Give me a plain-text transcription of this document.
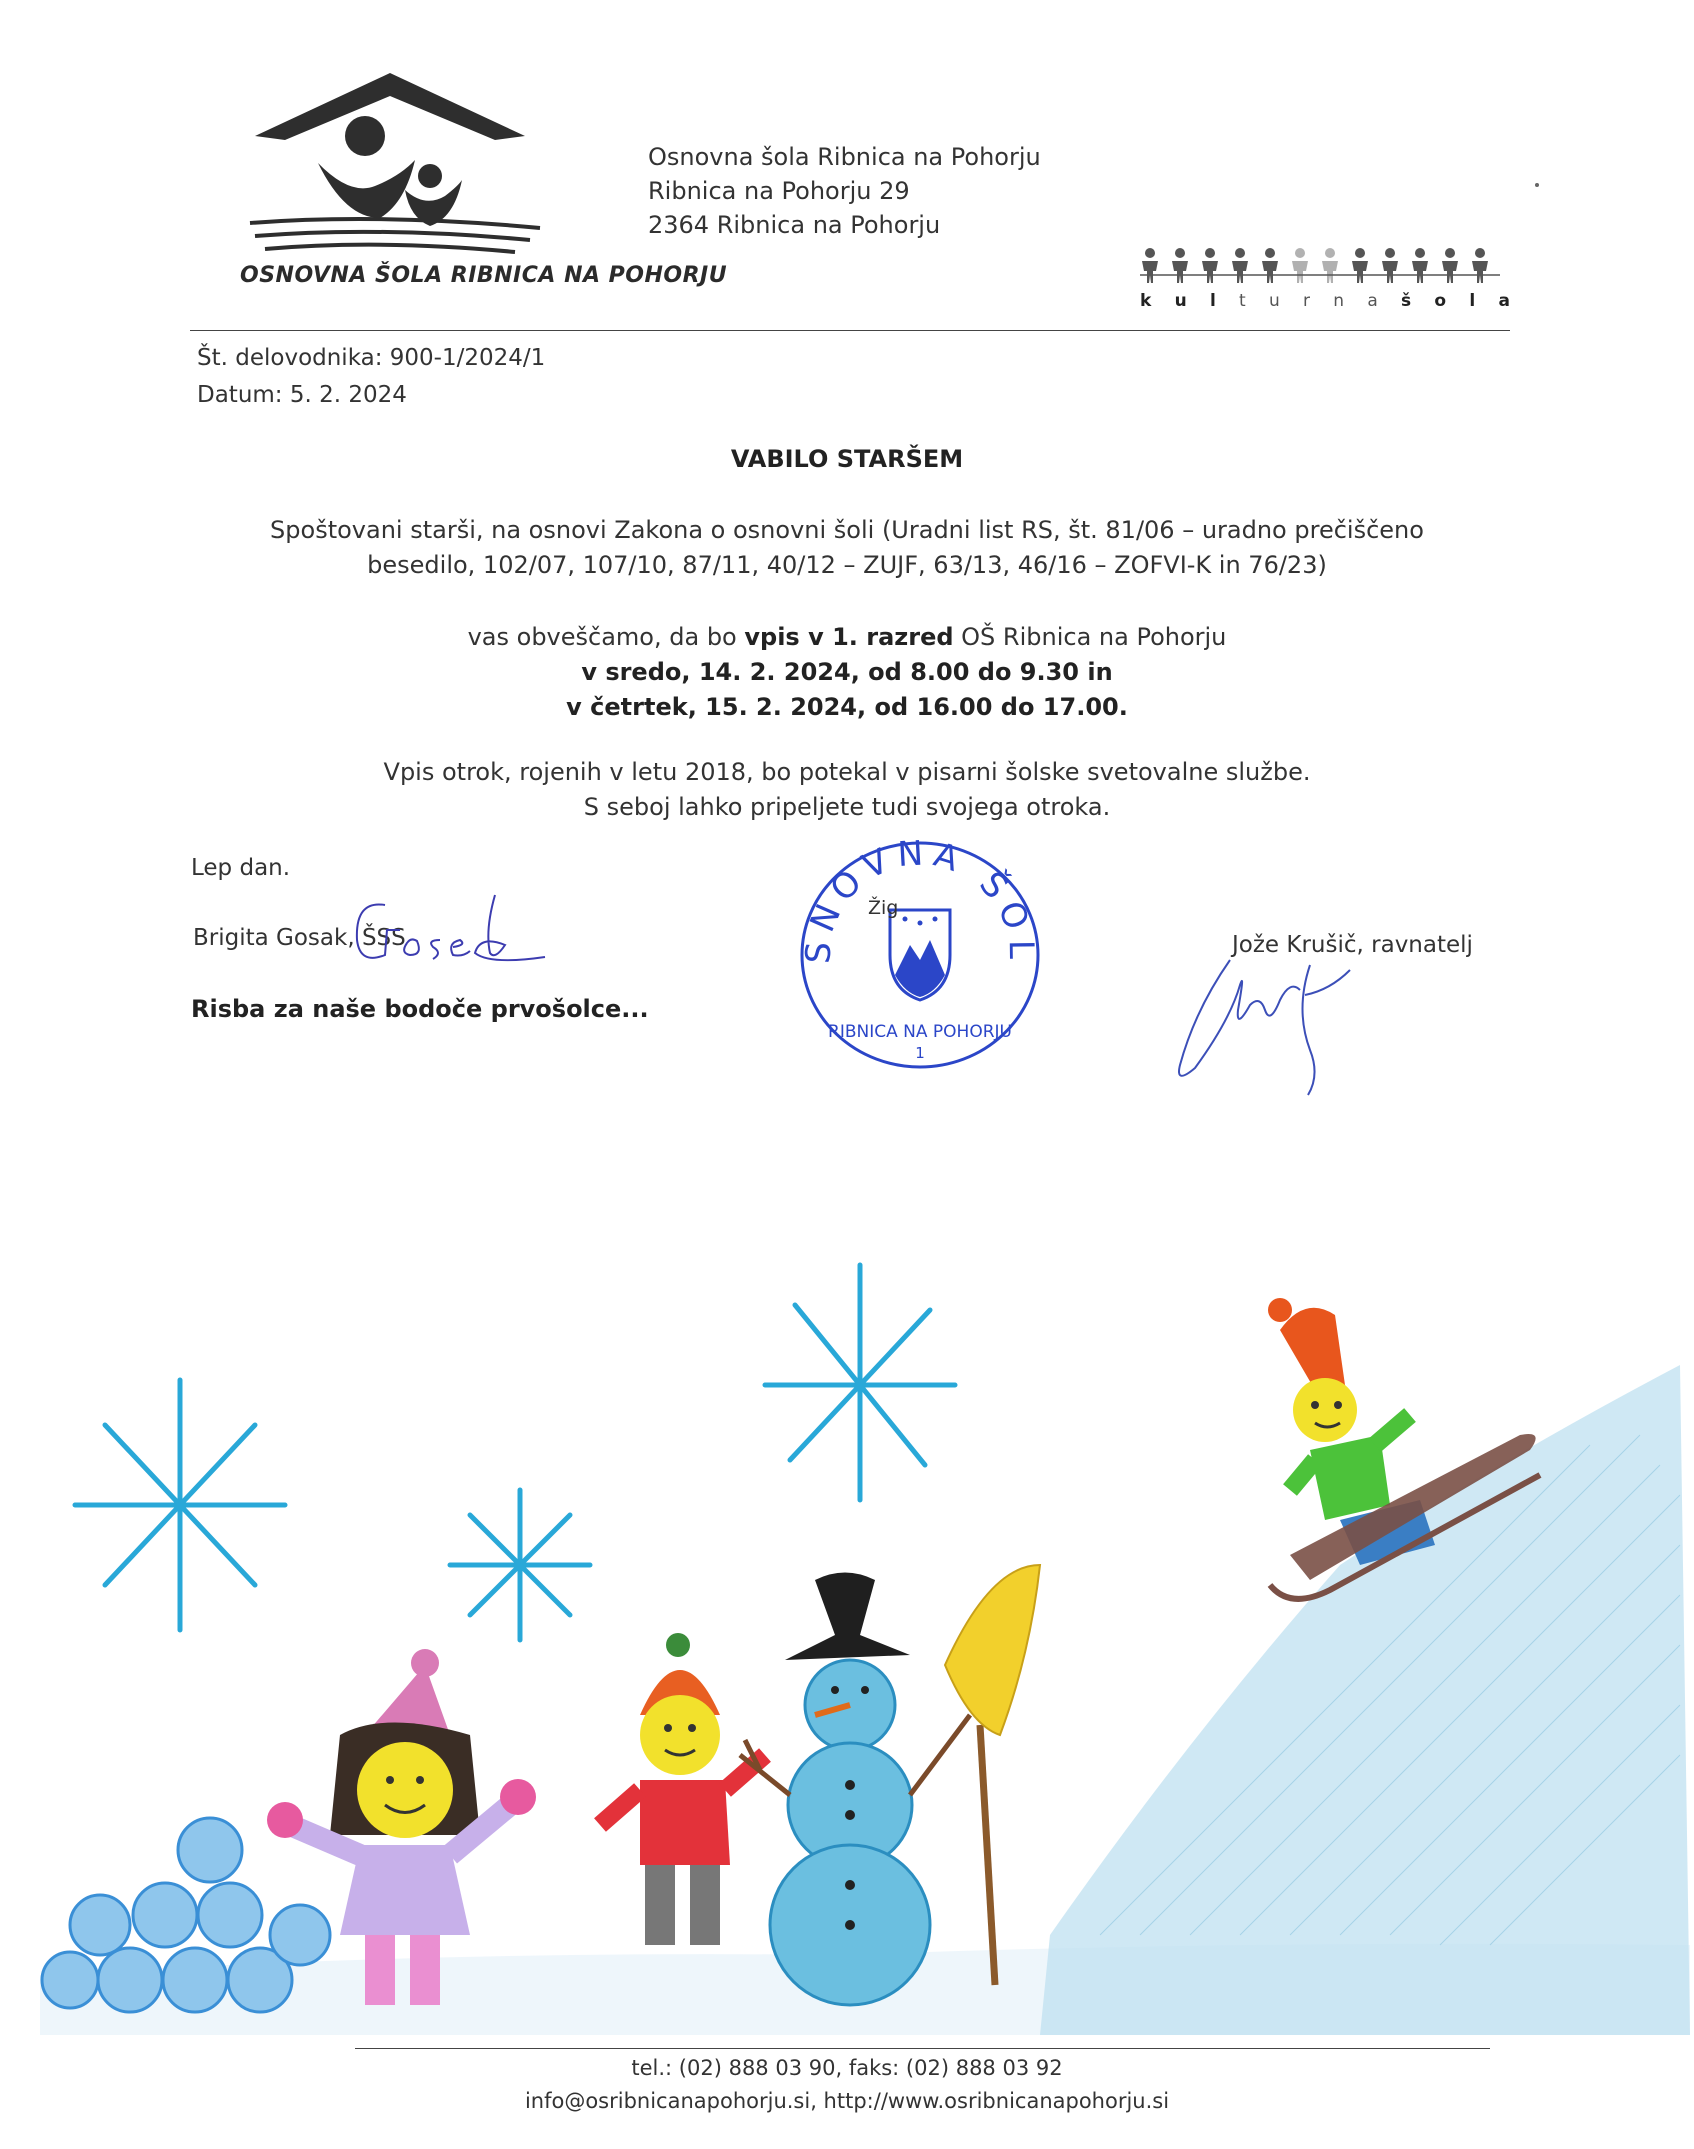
OSNOVNA ŠOLA RIBNICA NA POHORJU
Osnovna šola Ribnica na Pohorju
Ribnica na Pohorju 29
2364 Ribnica na Pohorju
k u l t u r n a š o l a
Št. delovodnika: 900-1/2024/1
Datum: 5. 2. 2024
VABILO STARŠEM
Spoštovani starši, na osnovi Zakona o osnovni šoli (Uradni list RS, št. 81/06 – uradno prečiščeno
besedilo, 102/07, 107/10, 87/11, 40/12 – ZUJF, 63/13, 46/16 – ZOFVI-K in 76/23)
vas obveščamo, da bo vpis v 1. razred OŠ Ribnica na Pohorju
v sredo, 14. 2. 2024, od 8.00 do 9.30 in
v četrtek, 15. 2. 2024, od 16.00 do 17.00.
Vpis otrok, rojenih v letu 2018, bo potekal v pisarni šolske svetovalne službe.
S seboj lahko pripeljete tudi svojega otroka.
Lep dan.
Brigita Gosak, ŠSS
Risba za naše bodoče prvošolce...
Jože Krušič, ravnatelj
SNOVNA ŠOL
RIBNICA NA POHORJU
1
Žig
tel.: (02) 888 03 90, faks: (02) 888 03 92
info@osribnicanapohorju.si, http://www.osribnicanapohorju.si
